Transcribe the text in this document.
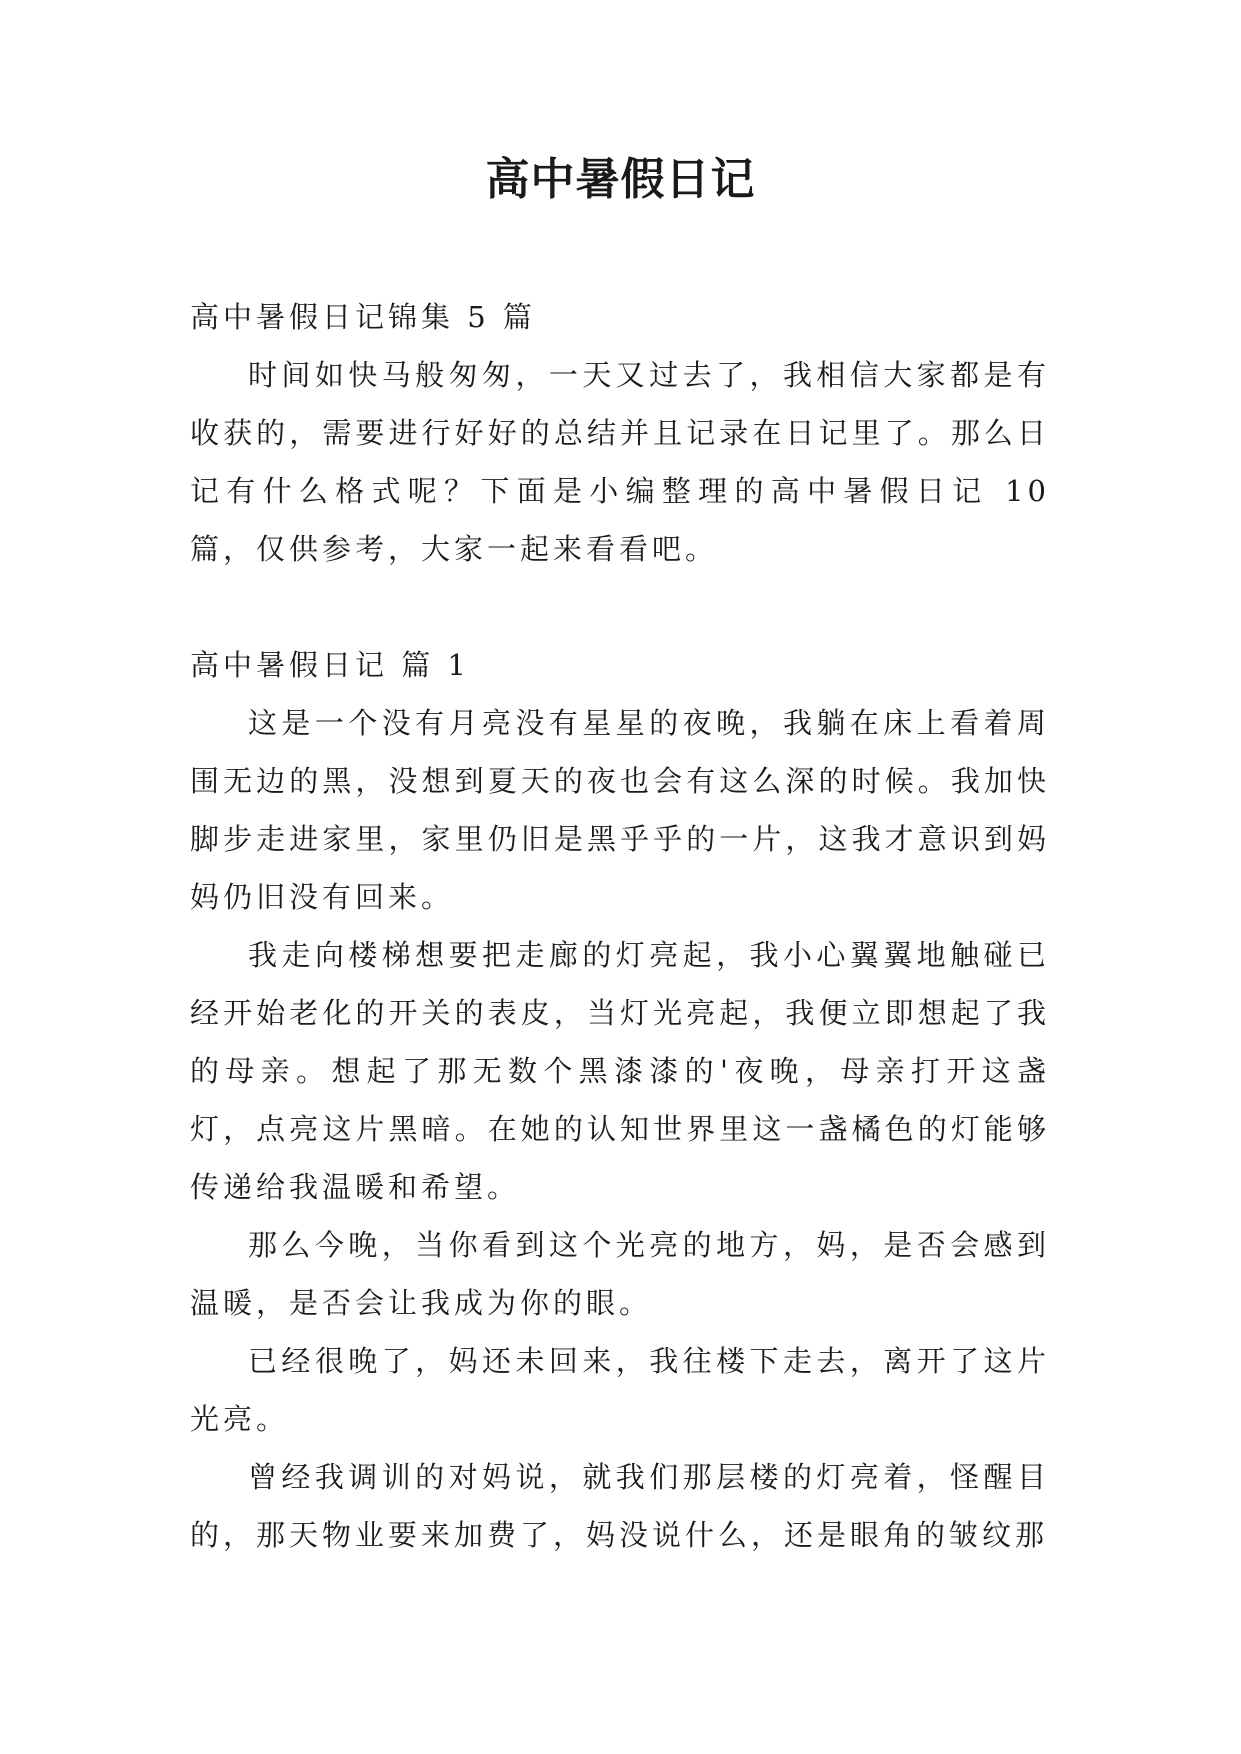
高中暑假日记

高中暑假日记锦集 5 篇

时间如快马般匆匆，一天又过去了，我相信大家都是有收获的，需要进行好好的总结并且记录在日记里了。那么日记有什么格式呢？下面是小编整理的高中暑假日记 10 篇，仅供参考，大家一起来看看吧。

高中暑假日记 篇 1

这是一个没有月亮没有星星的夜晚，我躺在床上看着周围无边的黑，没想到夏天的夜也会有这么深的时候。我加快脚步走进家里，家里仍旧是黑乎乎的一片，这我才意识到妈妈仍旧没有回来。

我走向楼梯想要把走廊的灯亮起，我小心翼翼地触碰已经开始老化的开关的表皮，当灯光亮起，我便立即想起了我的母亲。想起了那无数个黑漆漆的'夜晚，母亲打开这盏灯，点亮这片黑暗。在她的认知世界里这一盏橘色的灯能够传递给我温暖和希望。

那么今晚，当你看到这个光亮的地方，妈，是否会感到温暖，是否会让我成为你的眼。

已经很晚了，妈还未回来，我往楼下走去，离开了这片光亮。

曾经我调训的对妈说，就我们那层楼的灯亮着，怪醒目的，那天物业要来加费了，妈没说什么，还是眼角的皱纹那
